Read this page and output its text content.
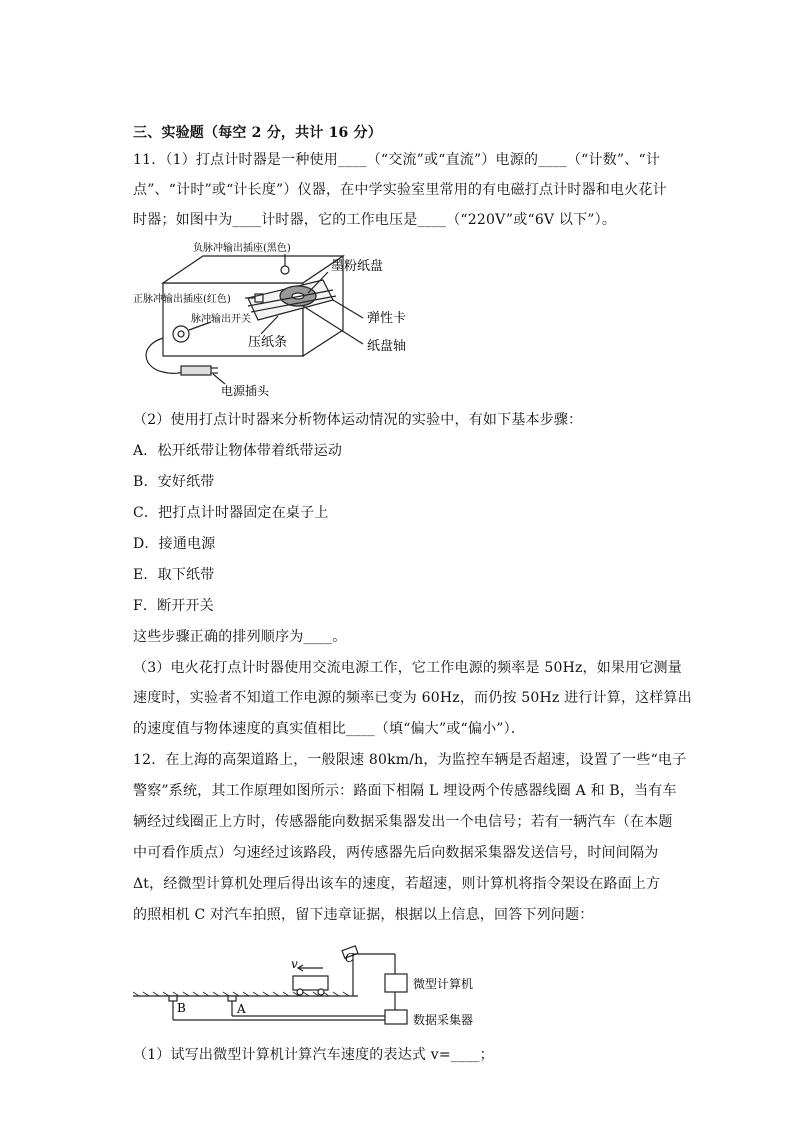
三、实验题（每空 2 分，共计 16 分）
11．（1）打点计时器是一种使用____（“交流”或“直流”）电源的____（“计数”、“计
点”、“计时”或“计长度”）仪器，在中学实验室里常用的有电磁打点计时器和电火花计
时器；如图中为____计时器，它的工作电压是____（“220V”或“6V 以下”）。
负脉冲输出插座(黑色)
正脉冲输出插座(红色)
脉冲输出开关
墨粉纸盘
弹性卡
压纸条	纸盘轴
电源插头
（2）使用打点计时器来分析物体运动情况的实验中，有如下基本步骤：
A．松开纸带让物体带着纸带运动
B．安好纸带
C．把打点计时器固定在桌子上
D．接通电源
E．取下纸带
F．断开开关
这些步骤正确的排列顺序为____。
（3）电火花打点计时器使用交流电源工作，它工作电源的频率是 50Hz，如果用它测量
速度时，实验者不知道工作电源的频率已变为 60Hz，而仍按 50Hz 进行计算，这样算出
的速度值与物体速度的真实值相比____（填“偏大”或“偏小”）．
12．在上海的高架道路上，一般限速 80km/h，为监控车辆是否超速，设置了一些“电子
警察”系统，其工作原理如图所示：路面下相隔 L 埋设两个传感器线圈 A 和 B，当有车
辆经过线圈正上方时，传感器能向数据采集器发出一个电信号；若有一辆汽车（在本题
中可看作质点）匀速经过该路段，两传感器先后向数据采集器发送信号，时间间隔为
Δt，经微型计算机处理后得出该车的速度，若超速，则计算机将指令架设在路面上方
的照相机 C 对汽车拍照，留下违章证据，根据以上信息，回答下列问题：
C
v
微型计算机
数据采集器
A
B
（1）试写出微型计算机计算汽车速度的表达式 v=____；
